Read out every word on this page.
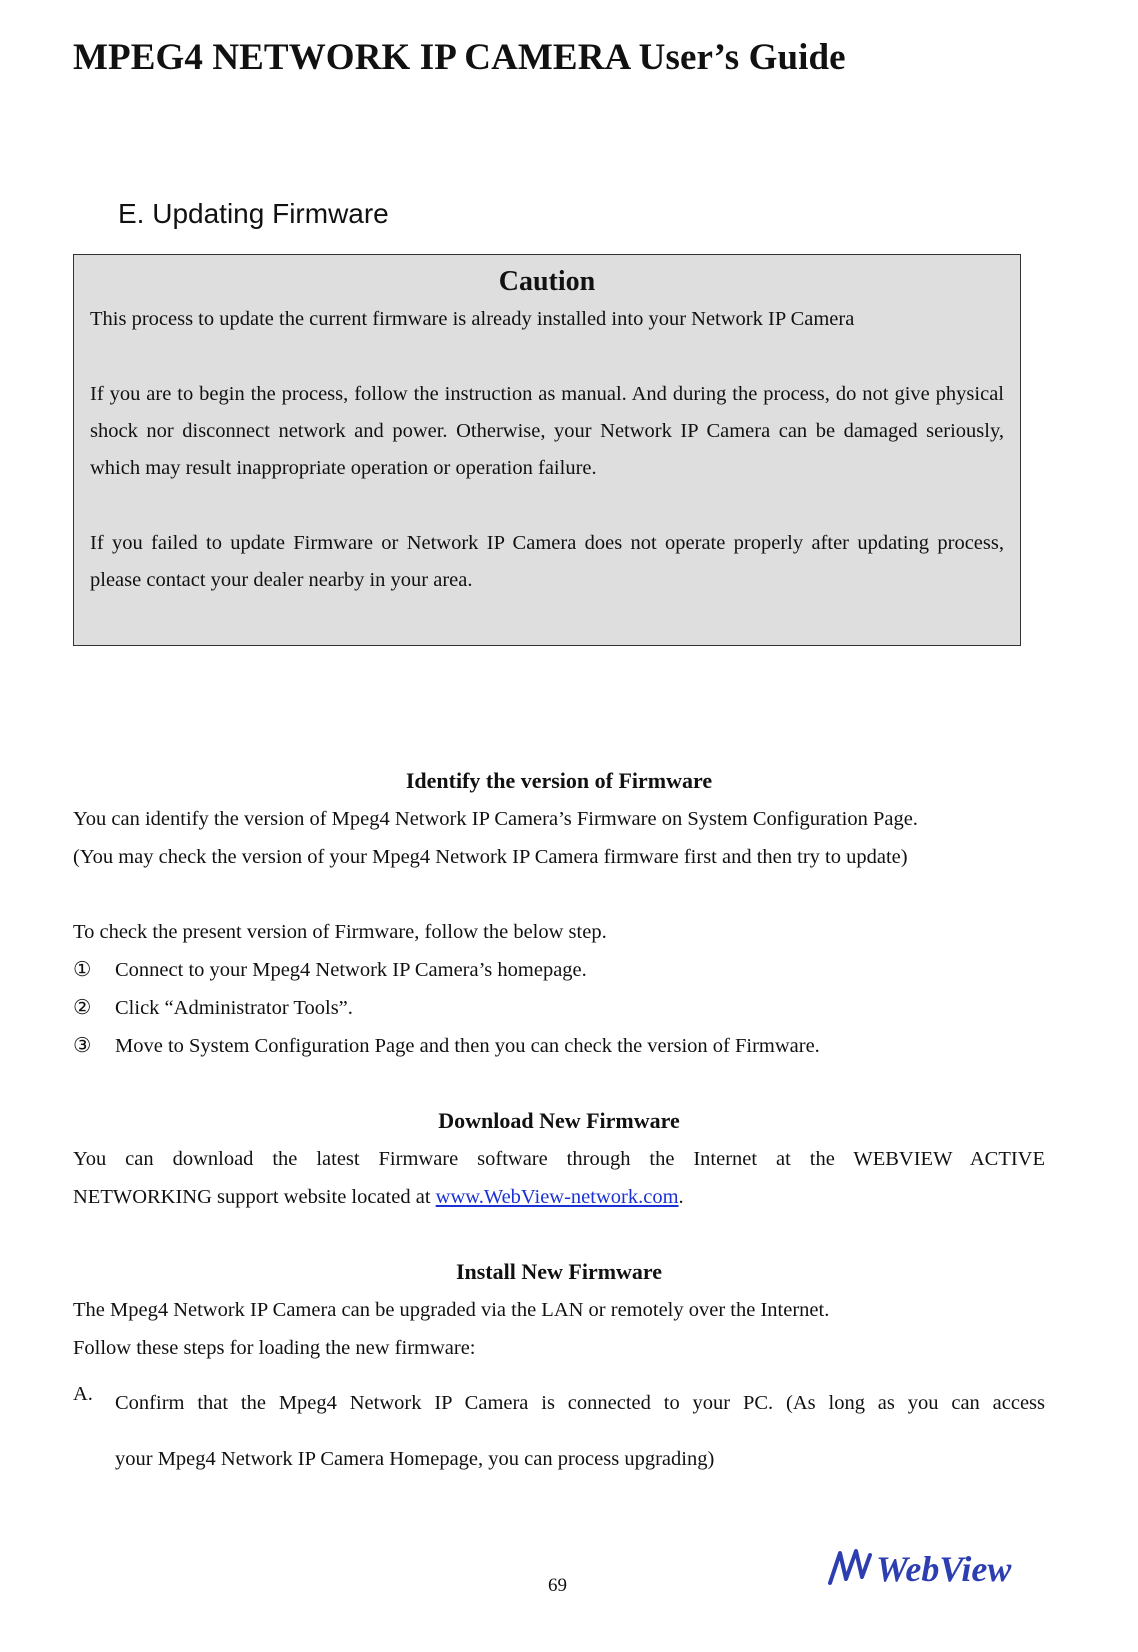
MPEG4 NETWORK IP CAMERA User’s Guide
E. Updating Firmware
Caution

This process to update the current firmware is already installed into your Network IP Camera

If you are to begin the process, follow the instruction as manual. And during the process, do not give physical shock nor disconnect network and power. Otherwise, your Network IP Camera can be damaged seriously, which may result inappropriate operation or operation failure.

If you failed to update Firmware or Network IP Camera does not operate properly after updating process, please contact your dealer nearby in your area.

Identify the version of Firmware

You can identify the version of Mpeg4 Network IP Camera’s Firmware on System Configuration Page.

(You may check the version of your Mpeg4 Network IP Camera firmware first and then try to update)

To check the present version of Firmware, follow the below step.

①	Connect to your Mpeg4 Network IP Camera’s homepage.
②	Click “Administrator Tools”.
③	Move to System Configuration Page and then you can check the version of Firmware.
Download New Firmware

You can download the latest Firmware software through the Internet at the WEBVIEW ACTIVE

NETWORKING support website located at www.WebView-network.com.

Install New Firmware

The Mpeg4 Network IP Camera can be upgraded via the LAN or remotely over the Internet.

Follow these steps for loading the new firmware:

A.	Confirm that the Mpeg4 Network IP Camera is connected to your PC. (As long as you can access
your Mpeg4 Network IP Camera Homepage, you can process upgrading)
69	WebView
